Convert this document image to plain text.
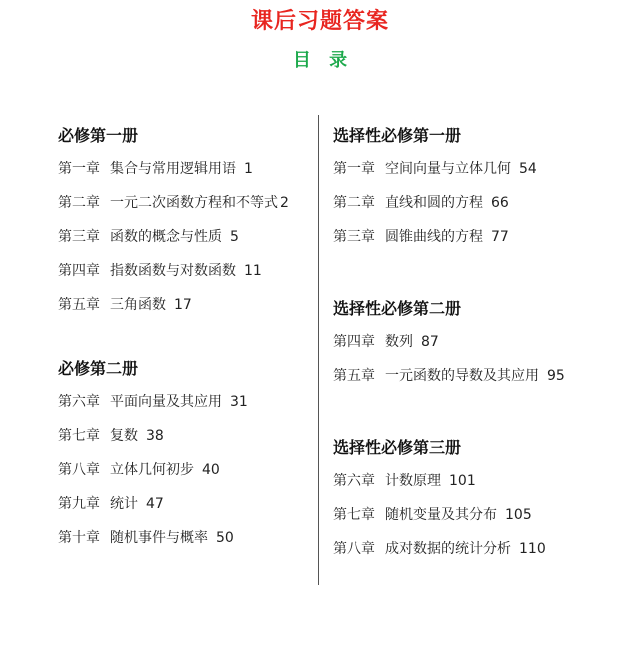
课后习题答案
目 录
必修第一册
第一章 集合与常用逻辑用语 1
第二章 一元二次函数方程和不等式 2
第三章 函数的概念与性质 5
第四章 指数函数与对数函数 11
第五章 三角函数 17
必修第二册
第六章 平面向量及其应用 31
第七章 复数 38
第八章 立体几何初步 40
第九章 统计 47
第十章 随机事件与概率 50
选择性必修第一册
第一章 空间向量与立体几何 54
第二章 直线和圆的方程 66
第三章 圆锥曲线的方程 77
选择性必修第二册
第四章 数列 87
第五章 一元函数的导数及其应用 95
选择性必修第三册
第六章 计数原理 101
第七章 随机变量及其分布 105
第八章 成对数据的统计分析 110
